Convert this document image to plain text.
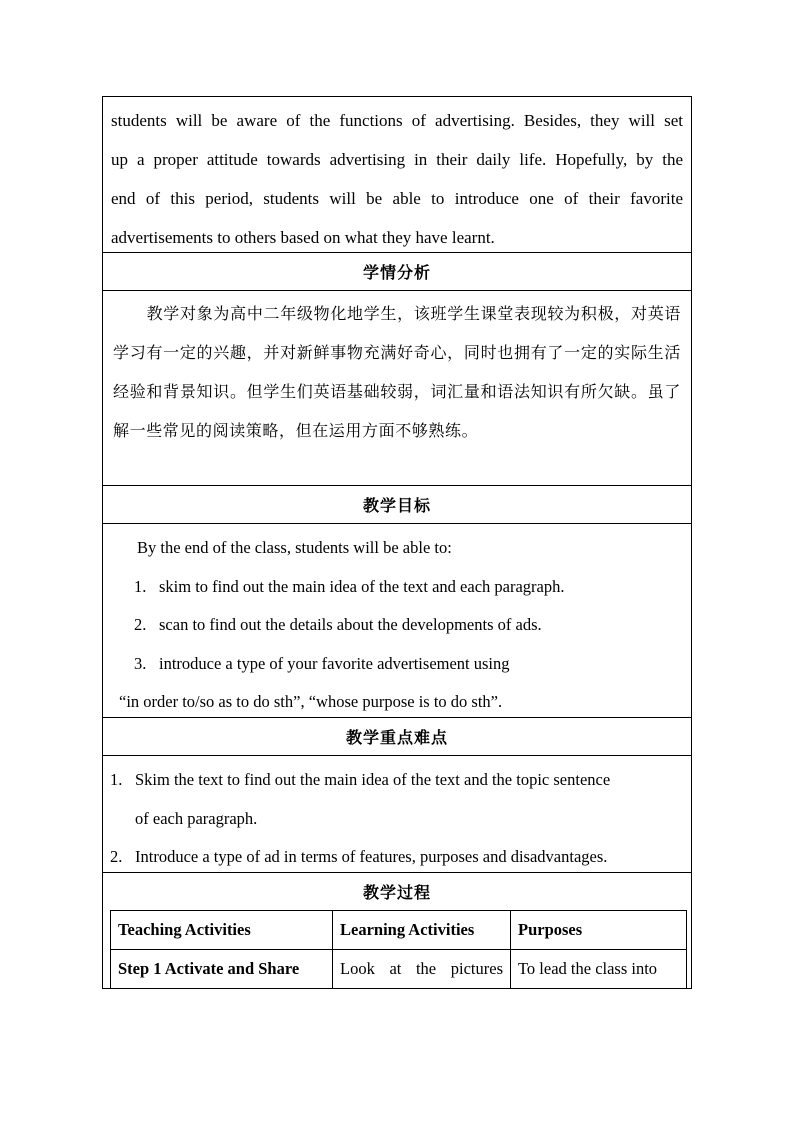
students will be aware of the functions of advertising. Besides, they will set
up a proper attitude towards advertising in their daily life. Hopefully, by the
end of this period, students will be able to introduce one of their favorite
advertisements to others based on what they have learnt.

学情分析

教学对象为高中二年级物化地学生，该班学生课堂表现较为积极，对英语学习有一定的兴趣，并对新鲜事物充满好奇心，同时也拥有了一定的实际生活经验和背景知识。但学生们英语基础较弱，词汇量和语法知识有所欠缺。虽了解一些常见的阅读策略，但在运用方面不够熟练。

教学目标
By the end of the class, students will be able to:
1. skim to find out the main idea of the text and each paragraph.
2. scan to find out the details about the developments of ads.
3. introduce a type of your favorite advertisement using
“in order to/so as to do sth”, “whose purpose is to do sth”.
教学重点难点
1. Skim the text to find out the main idea of the text and the topic sentence
of each paragraph.
2. Introduce a type of ad in terms of features, purposes and disadvantages.
教学过程
Teaching Activities	Learning Activities	Purposes
Step 1 Activate and Share	Look at the pictures	To lead the class into
